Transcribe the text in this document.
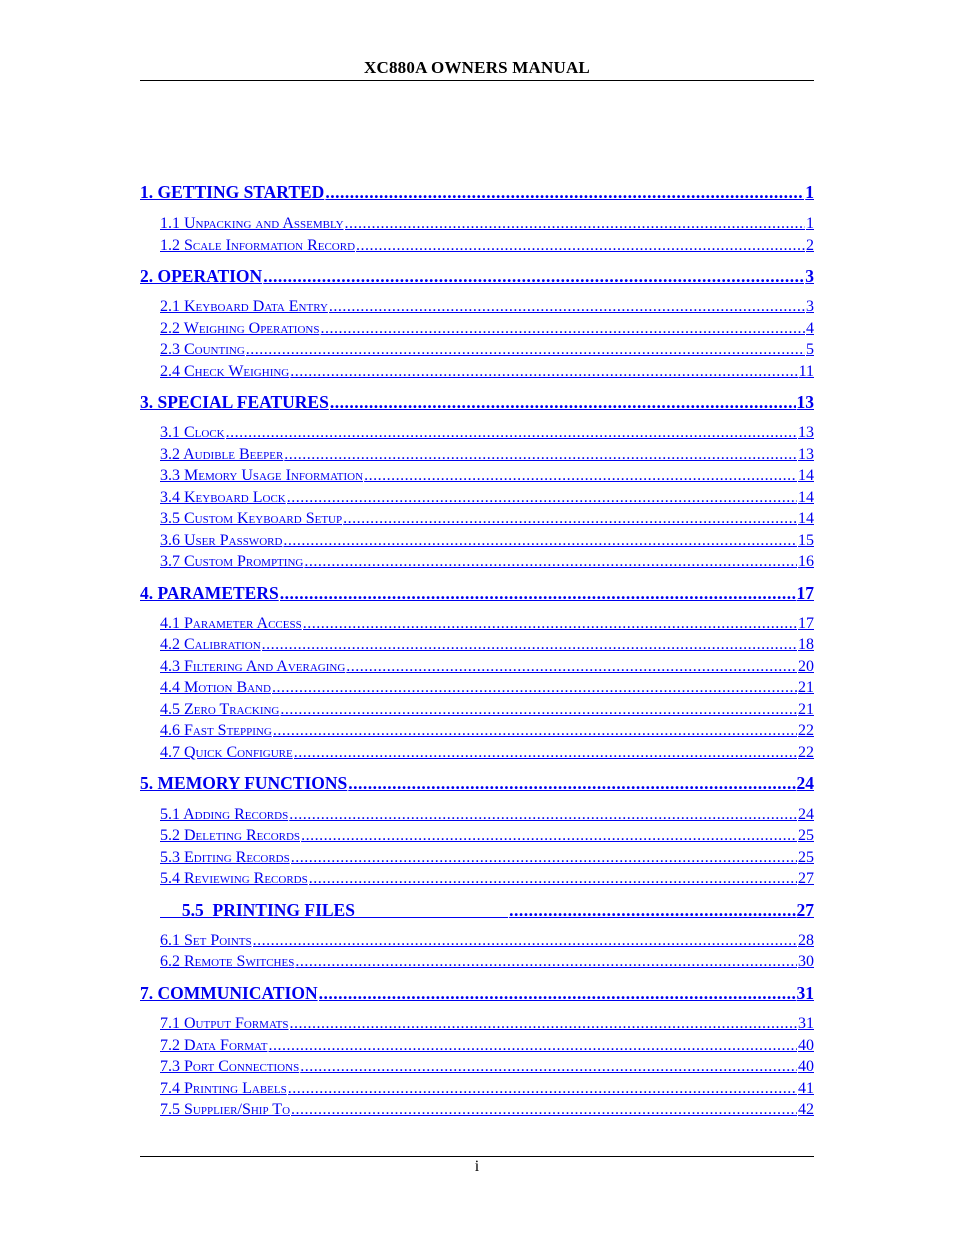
XC880A OWNERS MANUAL
1. GETTING STARTED .....	1
1.1 Unpacking and Assembly .....	1
1.2 Scale Information Record .....	2
2. OPERATION .....	3
2.1 Keyboard Data Entry .....	3
2.2 Weighing Operations .....	4
2.3 Counting .....	5
2.4 Check Weighing .....	11
3. SPECIAL FEATURES .....	13
3.1 Clock .....	13
3.2 Audible Beeper .....	13
3.3 Memory Usage Information .....	14
3.4 Keyboard Lock .....	14
3.5 Custom Keyboard Setup .....	14
3.6 User Password .....	15
3.7 Custom Prompting .....	16
4. PARAMETERS .....	17
4.1 Parameter Access .....	17
4.2 Calibration .....	18
4.3 Filtering And Averaging .....	20
4.4 Motion Band .....	21
4.5 Zero Tracking .....	21
4.6 Fast Stepping .....	22
4.7 Quick Configure .....	22
5. MEMORY FUNCTIONS .....	24
5.1 Adding Records .....	24
5.2 Deleting Records .....	25
5.3 Editing Records .....	25
5.4 Reviewing Records .....	27
5.5  PRINTING FILES .....	27
6.1 Set Points .....	28
6.2 Remote Switches .....	30
7. COMMUNICATION .....	31
7.1 Output Formats .....	31
7.2 Data Format .....	40
7.3 Port Connections .....	40
7.4 Printing Labels .....	41
7.5 Supplier/Ship To .....	42
i
